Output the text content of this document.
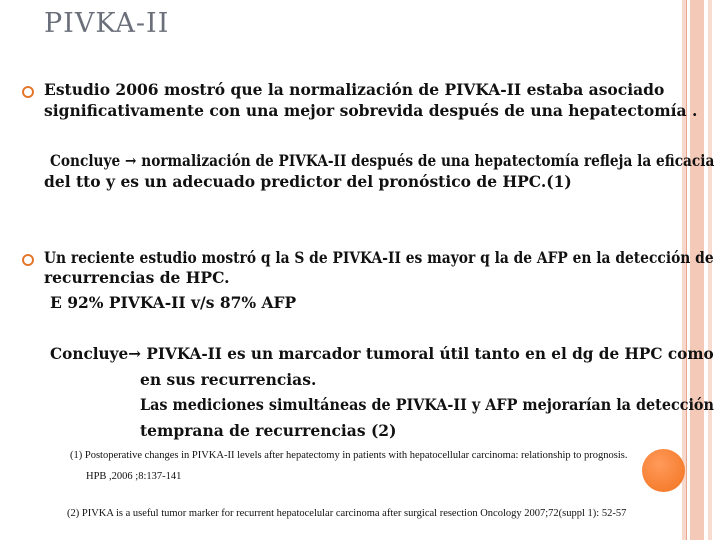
PIVKA-II
Estudio 2006 mostró que la normalización de PIVKA-II estaba asociado
significativamente con una mejor sobrevida después de una hepatectomía .
Concluye → normalización de PIVKA-II después de una hepatectomía refleja la eficacia
del tto y es un adecuado predictor del pronóstico de HPC.(1)
Un reciente estudio mostró q la S de PIVKA-II es mayor q la de AFP en la detección de
recurrencias de HPC.
E 92% PIVKA-II v/s 87% AFP
Concluye→ PIVKA-II es un marcador tumoral útil tanto en el dg de HPC como
en sus recurrencias.
Las mediciones simultáneas de PIVKA-II y AFP mejorarían la detección
temprana de recurrencias (2)
(1) Postoperative changes in PIVKA-II levels after hepatectomy in patients with hepatocellular carcinoma: relationship to prognosis.
HPB ,2006 ;8:137-141
(2) PIVKA is a useful tumor marker for recurrent hepatocelular carcinoma after surgical resection Oncology 2007;72(suppl 1): 52-57
